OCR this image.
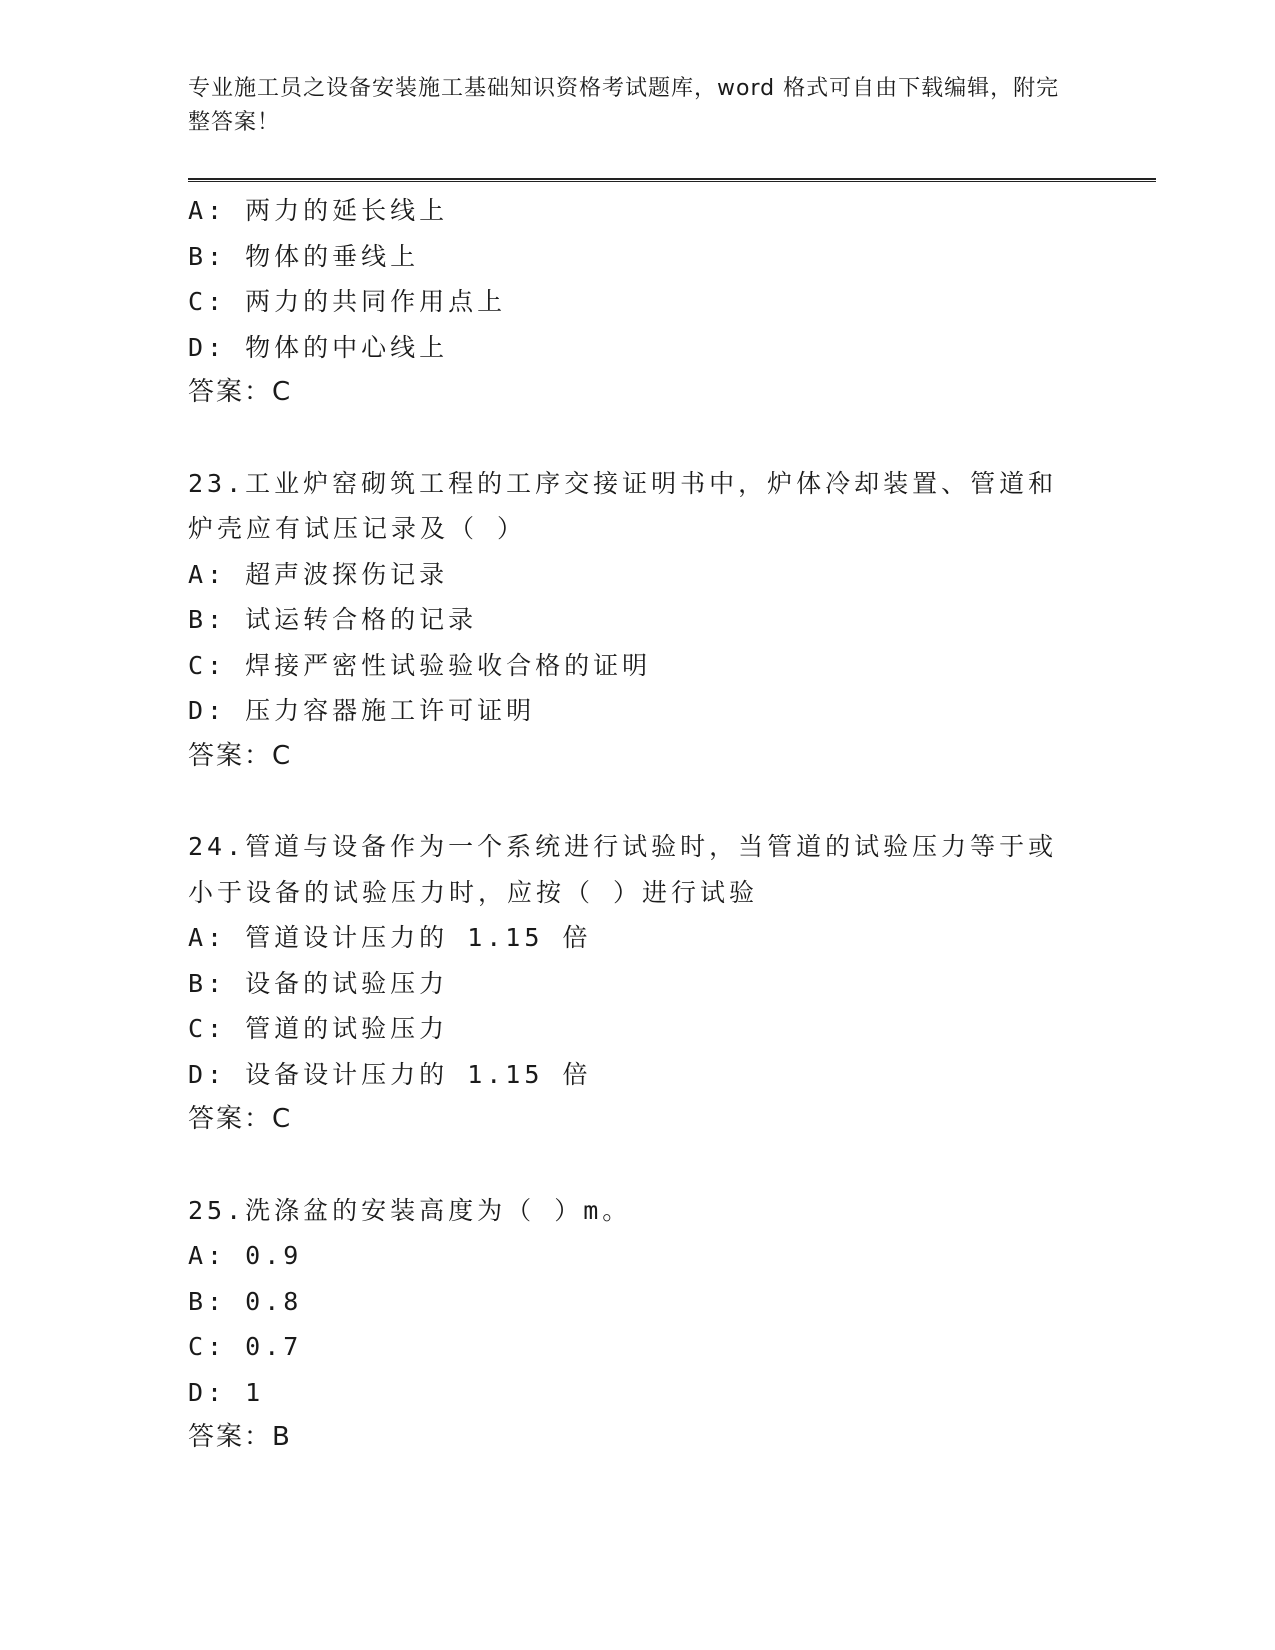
专业施工员之设备安装施工基础知识资格考试题库，word 格式可自由下载编辑，附完整答案！
A: 两力的延长线上
B: 物体的垂线上
C: 两力的共同作用点上
D: 物体的中心线上
答案：C
23.工业炉窑砌筑工程的工序交接证明书中，炉体冷却装置、管道和炉壳应有试压记录及（ ）
A: 超声波探伤记录
B: 试运转合格的记录
C: 焊接严密性试验验收合格的证明
D: 压力容器施工许可证明
答案：C
24.管道与设备作为一个系统进行试验时，当管道的试验压力等于或小于设备的试验压力时，应按（ ）进行试验
A: 管道设计压力的 1.15 倍
B: 设备的试验压力
C: 管道的试验压力
D: 设备设计压力的 1.15 倍
答案：C
25.洗涤盆的安装高度为（ ）m。
A: 0.9
B: 0.8
C: 0.7
D: 1
答案：B
